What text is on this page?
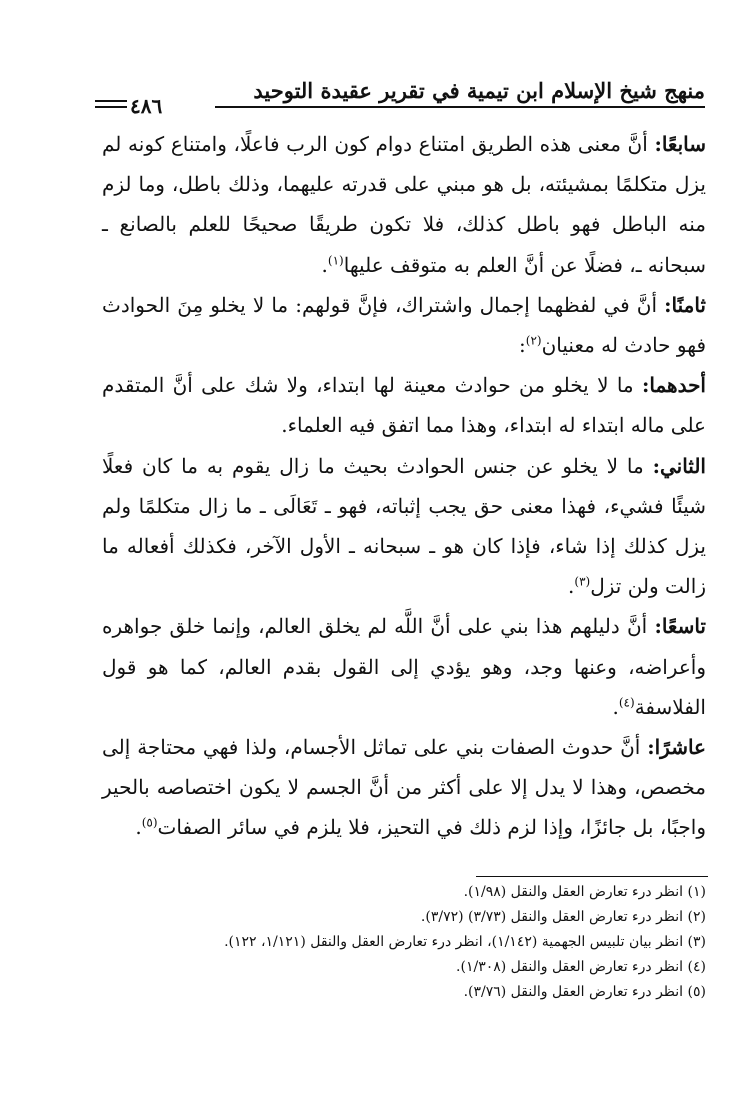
منهج شيخ الإسلام ابن تيمية في تقرير عقيدة التوحيد
٤٨٦

سابعًا: أنَّ معنى هذه الطريق امتناع دوام كون الرب فاعلًا، وامتناع كونه لم يزل متكلمًا بمشيئته، بل هو مبني على قدرته عليهما، وذلك باطل، وما لزم منه الباطل فهو باطل كذلك، فلا تكون طريقًا صحيحًا للعلم بالصانع ـ سبحانه ـ، فضلًا عن أنَّ العلم به متوقف عليها$^{(١)}$.

ثامنًا: أنَّ في لفظهما إجمال واشتراك، فإنَّ قولهم: ما لا يخلو مِنَ الحوادث فهو حادث له معنيان$^{(٢)}$:

أحدهما: ما لا يخلو من حوادث معينة لها ابتداء، ولا شك على أنَّ المتقدم على ماله ابتداء له ابتداء، وهذا مما اتفق فيه العلماء.

الثاني: ما لا يخلو عن جنس الحوادث بحيث ما زال يقوم به ما كان فعلًا شيئًا فشيء، فهذا معنى حق يجب إثباته، فهو ـ تَعَالَى ـ ما زال متكلمًا ولم يزل كذلك إذا شاء، فإذا كان هو ـ سبحانه ـ الأول الآخر، فكذلك أفعاله ما زالت ولن تزل$^{(٣)}$.

تاسعًا: أنَّ دليلهم هذا بني على أنَّ اللَّه لم يخلق العالم، وإنما خلق جواهره وأعراضه، وعنها وجد، وهو يؤدي إلى القول بقدم العالم، كما هو قول الفلاسفة$^{(٤)}$.

عاشرًا: أنَّ حدوث الصفات بني على تماثل الأجسام، ولذا فهي محتاجة إلى مخصص، وهذا لا يدل إلا على أكثر من أنَّ الجسم لا يكون اختصاصه بالحير واجبًا، بل جائزًا، وإذا لزم ذلك في التحيز، فلا يلزم في سائر الصفات$^{(٥)}$.

(١) انظر درء تعارض العقل والنقل (١/٩٨).

(٢) انظر درء تعارض العقل والنقل (٣/٧٣) (٣/٧٢).

(٣) انظر بيان تلبيس الجهمية (١/١٤٢)، انظر درء تعارض العقل والنقل (١/١٢١، ١٢٢).

(٤) انظر درء تعارض العقل والنقل (١/٣٠٨).

(٥) انظر درء تعارض العقل والنقل (٣/٧٦).
